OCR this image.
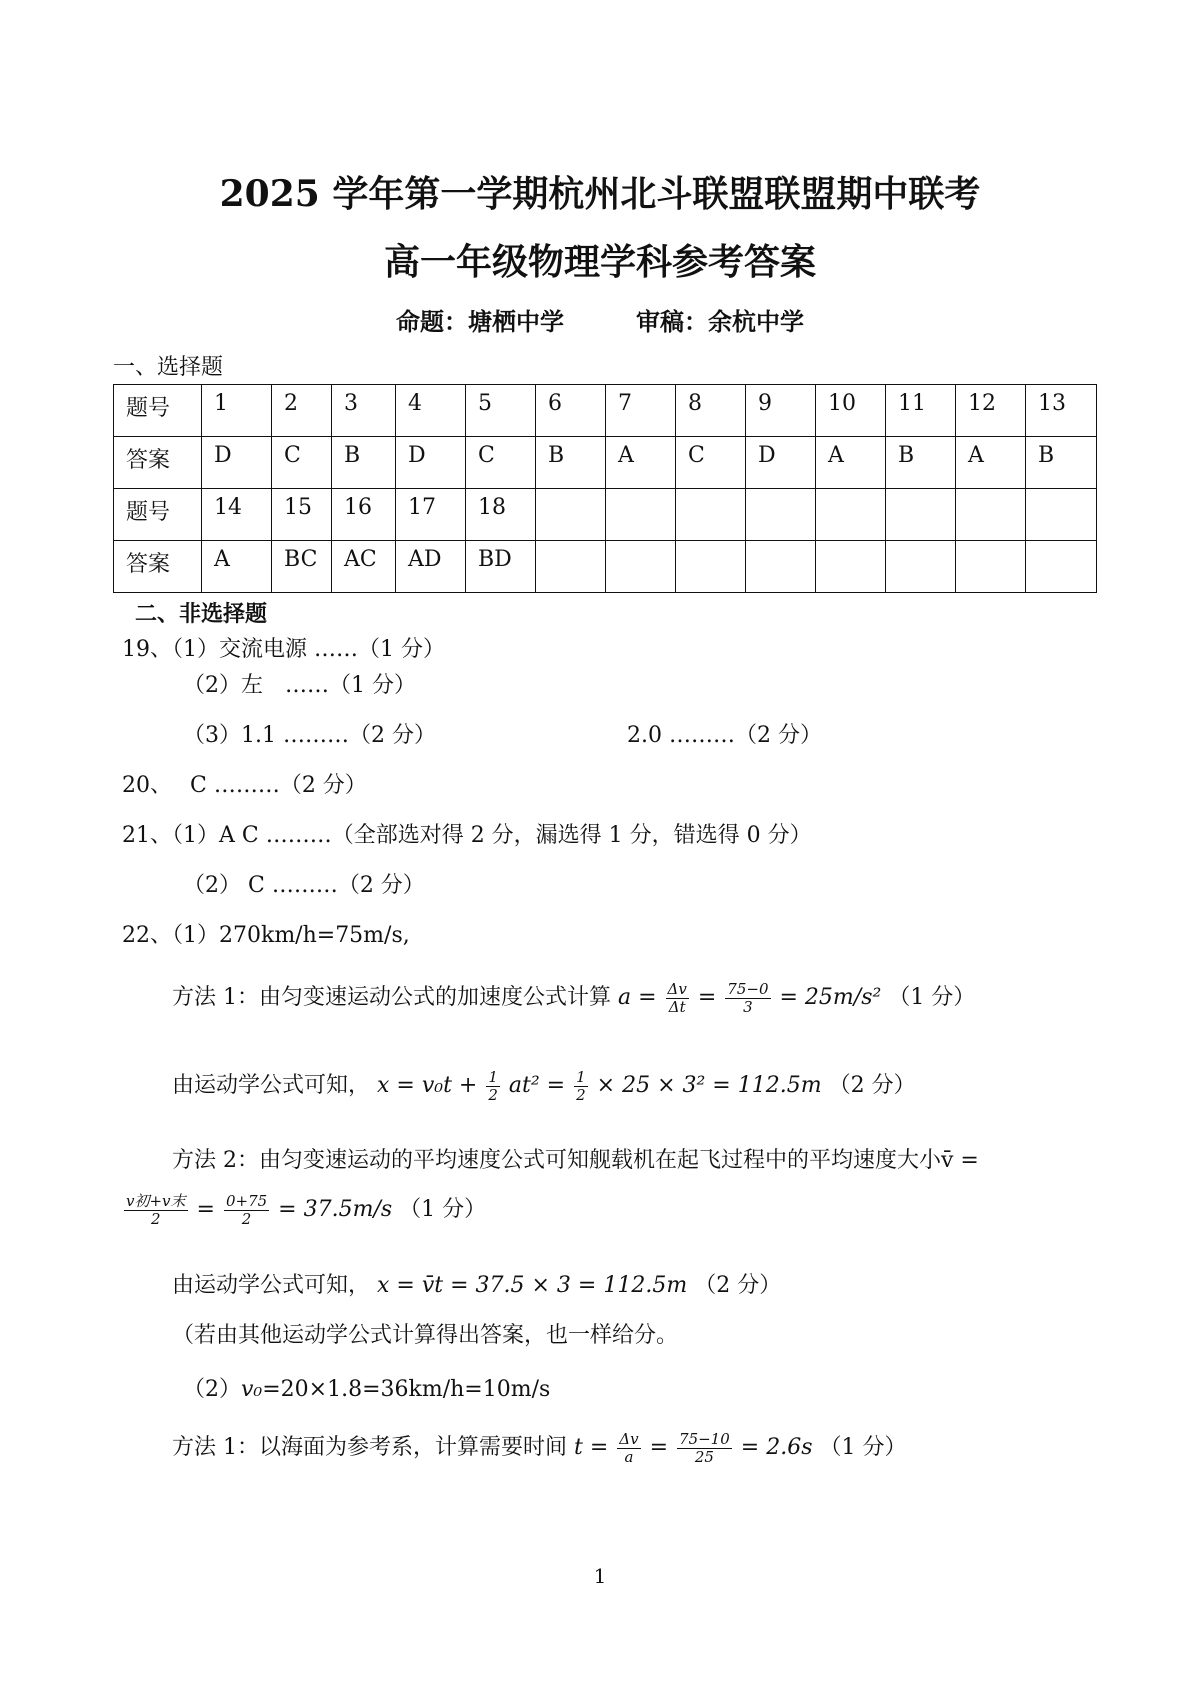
2025 学年第一学期杭州北斗联盟联盟期中联考
高一年级物理学科参考答案
命题：塘栖中学　　　审稿：余杭中学
一、选择题
题号	1	2	3	4	5	6	7	8	9	10	11	12	13
答案	D	C	B	D	C	B	A	C	D	A	B	A	B
题号	14	15	16	17	18								
答案	A	BC	AC	AD	BD								
二、非选择题
19、（1）交流电源 ……（1 分）
（2）左　……（1 分）
（3）1.1 ………（2 分）	2.0 ………（2 分）
20、　 C ………（2 分）
21、（1）A C ………（全部选对得 2 分，漏选得 1 分，错选得 0 分）
（2） C ………（2 分）
22、（1）270km/h=75m/s,
方法 1：由匀变速运动公式的加速度公式计算 $a = \frac{\Delta v}{\Delta t} = \frac{75-0}{3} = 25m/s^2$ （1 分）
由运动学公式可知， $x = v_0t + \frac{1}{2} at^2 = \frac{1}{2} \times 25 \times 3^2 = 112.5m$ （2 分）
方法 2：由匀变速运动的平均速度公式可知舰载机在起飞过程中的平均速度大小v̄ =
$\frac{\text{v初+v末}}{2} = \frac{0+75}{2} = 37.5m/s$ （1 分）
由运动学公式可知， x = v̄t = 37.5 × 3 = 112.5m （2 分）
（若由其他运动学公式计算得出答案，也一样给分。
（2）v₀=20×1.8=36km/h=10m/s
方法 1：以海面为参考系，计算需要时间 $t = \frac{\Delta v}{a} = \frac{75-10}{25} = 2.6s$ （1 分）
1
